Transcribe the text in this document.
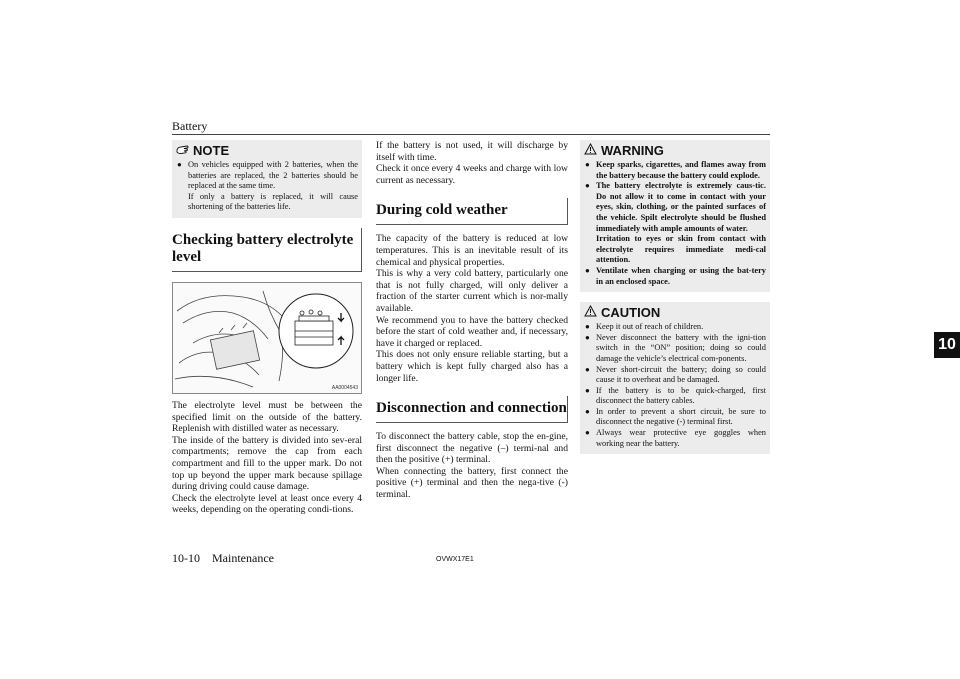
Battery
10
NOTE
● On vehicles equipped with 2 batteries, when the batteries are replaced, the 2 batteries should be replaced at the same time.
If only a battery is replaced, it will cause shortening of the batteries life.
Checking battery electrolyte level
AA0004543

The electrolyte level must be between the specified limit on the outside of the battery. Replenish with distilled water as necessary.

The inside of the battery is divided into sev-eral compartments; remove the cap from each compartment and fill to the upper mark. Do not top up beyond the upper mark because spillage during driving could cause damage.

Check the electrolyte level at least once every 4 weeks, depending on the operating condi-tions.

If the battery is not used, it will discharge by itself with time.

Check it once every 4 weeks and charge with low current as necessary.

During cold weather

The capacity of the battery is reduced at low temperatures. This is an inevitable result of its chemical and physical properties.

This is why a very cold battery, particularly one that is not fully charged, will only deliver a fraction of the starter current which is nor-mally available.

We recommend you to have the battery checked before the start of cold weather and, if necessary, have it charged or replaced.

This does not only ensure reliable starting, but a battery which is kept fully charged also has a longer life.

Disconnection and connection

To disconnect the battery cable, stop the en-gine, first disconnect the negative (–) termi-nal and then the positive (+) terminal.

When connecting the battery, first connect the positive (+) terminal and then the nega-tive (-) terminal.

WARNING
● Keep sparks, cigarettes, and flames away from the battery because the battery could explode.
● The battery electrolyte is extremely caus-tic. Do not allow it to come in contact with your eyes, skin, clothing, or the painted surfaces of the vehicle. Spilt electrolyte should be flushed immediately with ample amounts of water.
Irritation to eyes or skin from contact with electrolyte requires immediate medi-cal attention.
● Ventilate when charging or using the bat-tery in an enclosed space.
CAUTION
● Keep it out of reach of children.
● Never disconnect the battery with the igni-tion switch in the “ON” position; doing so could damage the vehicle’s electrical com-ponents.
● Never short-circuit the battery; doing so could cause it to overheat and be damaged.
● If the battery is to be quick-charged, first disconnect the battery cables.
● In order to prevent a short circuit, be sure to disconnect the negative (-) terminal first.
● Always wear protective eye goggles when working near the battery.
10-10 Maintenance	OVWX17E1
